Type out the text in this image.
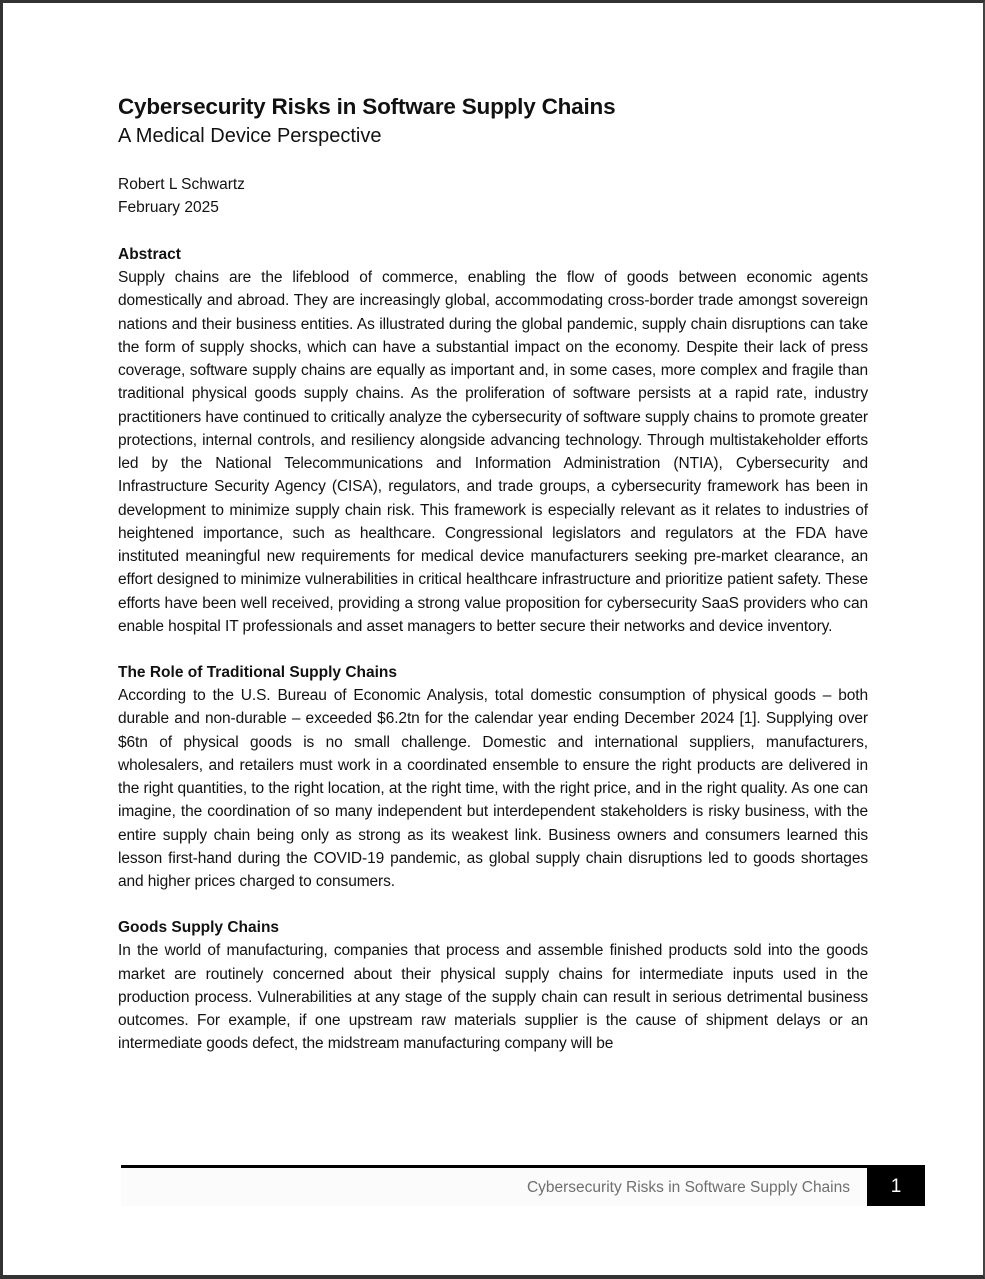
Cybersecurity Risks in Software Supply Chains
A Medical Device Perspective
Robert L Schwartz
February 2025
Abstract

Supply chains are the lifeblood of commerce, enabling the flow of goods between economic agents domestically and abroad. They are increasingly global, accommodating cross-border trade amongst sovereign nations and their business entities. As illustrated during the global pandemic, supply chain disruptions can take the form of supply shocks, which can have a substantial impact on the economy. Despite their lack of press coverage, software supply chains are equally as important and, in some cases, more complex and fragile than traditional physical goods supply chains. As the proliferation of software persists at a rapid rate, industry practitioners have continued to critically analyze the cybersecurity of software supply chains to promote greater protections, internal controls, and resiliency alongside advancing technology. Through multistakeholder efforts led by the National Telecommunications and Information Administration (NTIA), Cybersecurity and Infrastructure Security Agency (CISA), regulators, and trade groups, a cybersecurity framework has been in development to minimize supply chain risk. This framework is especially relevant as it relates to industries of heightened importance, such as healthcare. Congressional legislators and regulators at the FDA have instituted meaningful new requirements for medical device manufacturers seeking pre-market clearance, an effort designed to minimize vulnerabilities in critical healthcare infrastructure and prioritize patient safety. These efforts have been well received, providing a strong value proposition for cybersecurity SaaS providers who can enable hospital IT professionals and asset managers to better secure their networks and device inventory.

The Role of Traditional Supply Chains

According to the U.S. Bureau of Economic Analysis, total domestic consumption of physical goods – both durable and non-durable – exceeded $6.2tn for the calendar year ending December 2024 [1]. Supplying over $6tn of physical goods is no small challenge. Domestic and international suppliers, manufacturers, wholesalers, and retailers must work in a coordinated ensemble to ensure the right products are delivered in the right quantities, to the right location, at the right time, with the right price, and in the right quality. As one can imagine, the coordination of so many independent but interdependent stakeholders is risky business, with the entire supply chain being only as strong as its weakest link. Business owners and consumers learned this lesson first-hand during the COVID-19 pandemic, as global supply chain disruptions led to goods shortages and higher prices charged to consumers.

Goods Supply Chains

In the world of manufacturing, companies that process and assemble finished products sold into the goods market are routinely concerned about their physical supply chains for intermediate inputs used in the production process. Vulnerabilities at any stage of the supply chain can result in serious detrimental business outcomes. For example, if one upstream raw materials supplier is the cause of shipment delays or an intermediate goods defect, the midstream manufacturing company will be

Cybersecurity Risks in Software Supply Chains	1
